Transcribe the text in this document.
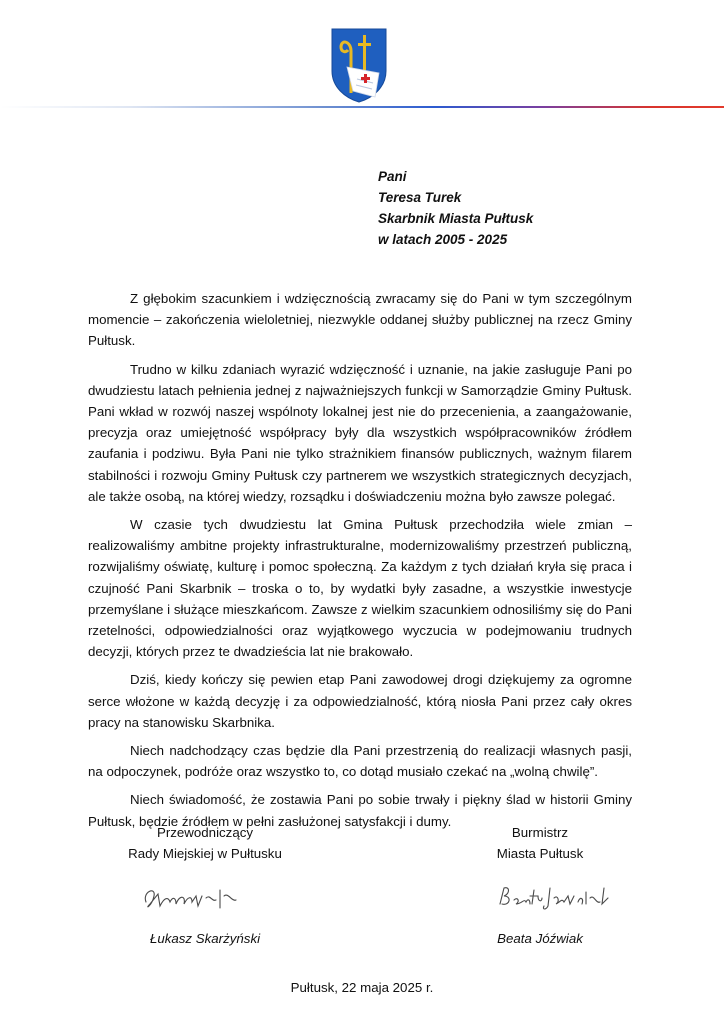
Pani
Teresa Turek
Skarbnik Miasta Pułtusk
w latach 2005 - 2025

Z głębokim szacunkiem i wdzięcznością zwracamy się do Pani w tym szczególnym momencie – zakończenia wieloletniej, niezwykle oddanej służby publicznej na rzecz Gminy Pułtusk.

Trudno w kilku zdaniach wyrazić wdzięczność i uznanie, na jakie zasługuje Pani po dwudziestu latach pełnienia jednej z najważniejszych funkcji w Samorządzie Gminy Pułtusk. Pani wkład w rozwój naszej wspólnoty lokalnej jest nie do przecenienia, a zaangażowanie, precyzja oraz umiejętność współpracy były dla wszystkich współpracowników źródłem zaufania i podziwu. Była Pani nie tylko strażnikiem finansów publicznych, ważnym filarem stabilności i rozwoju Gminy Pułtusk czy partnerem we wszystkich strategicznych decyzjach, ale także osobą, na której wiedzy, rozsądku i doświadczeniu można było zawsze polegać.

W czasie tych dwudziestu lat Gmina Pułtusk przechodziła wiele zmian – realizowaliśmy ambitne projekty infrastrukturalne, modernizowaliśmy przestrzeń publiczną, rozwijaliśmy oświatę, kulturę i pomoc społeczną. Za każdym z tych działań kryła się praca i czujność Pani Skarbnik – troska o to, by wydatki były zasadne, a wszystkie inwestycje przemyślane i służące mieszkańcom. Zawsze z wielkim szacunkiem odnosiliśmy się do Pani rzetelności, odpowiedzialności oraz wyjątkowego wyczucia w podejmowaniu trudnych decyzji, których przez te dwadzieścia lat nie brakowało.

Dziś, kiedy kończy się pewien etap Pani zawodowej drogi dziękujemy za ogromne serce włożone w każdą decyzję i za odpowiedzialność, którą niosła Pani przez cały okres pracy na stanowisku Skarbnika.

Niech nadchodzący czas będzie dla Pani przestrzenią do realizacji własnych pasji, na odpoczynek, podróże oraz wszystko to, co dotąd musiało czekać na „wolną chwilę”.

Niech świadomość, że zostawia Pani po sobie trwały i piękny ślad w historii Gminy Pułtusk, będzie źródłem w pełni zasłużonej satysfakcji i dumy.

Przewodniczący
Rady Miejskiej w Pułtusku
Łukasz Skarżyński
Burmistrz
Miasta Pułtusk
Beata Jóźwiak
Pułtusk, 22 maja 2025 r.
